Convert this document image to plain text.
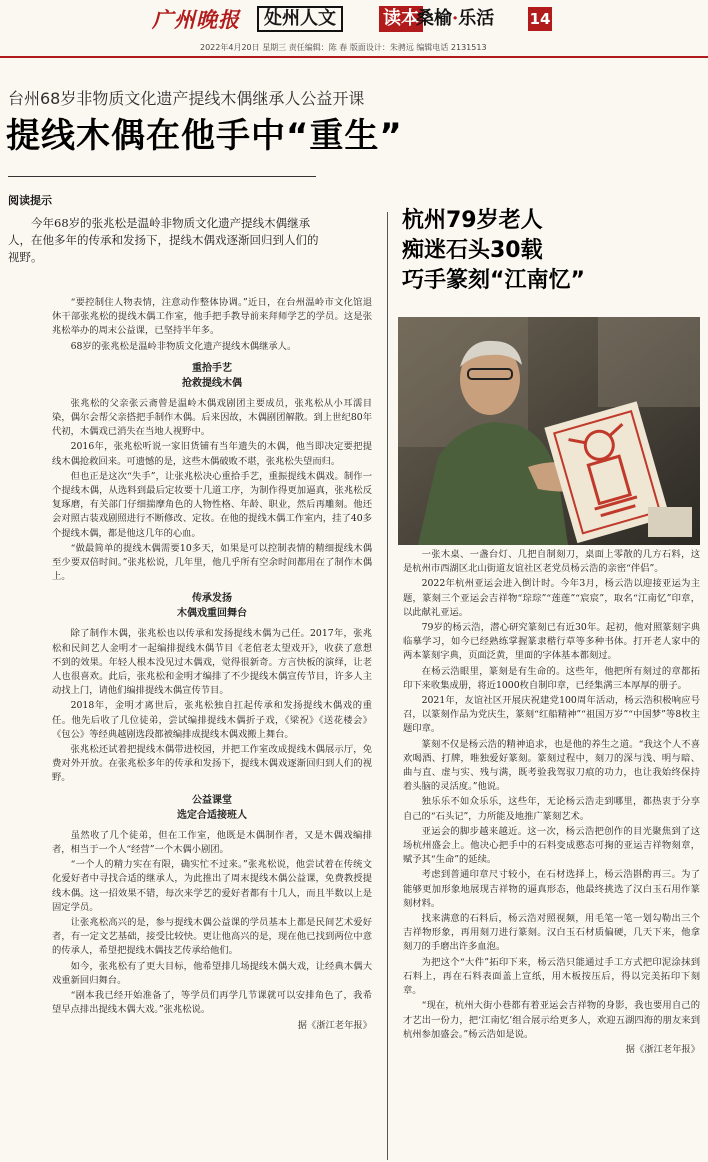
广州晚报	处州人文	读本
桑榆·乐活 14
2022年4月20日 星期三 责任编辑：陈 春 版面设计：朱骋远 编辑电话 2131513
台州68岁非物质文化遗产提线木偶继承人公益开课
提线木偶在他手中“重生”
阅读提示
今年68岁的张兆松是温岭非物质文化遗产提线木偶继承人，在他多年的传承和发扬下，提线木偶戏逐渐回归到人们的视野。

“要控制住人物表情，注意动作整体协调。”近日，在台州温岭市文化馆退休干部张兆松的提线木偶工作室，他手把手教导前来拜师学艺的学员。这是张兆松举办的周末公益课，已坚持半年多。

68岁的张兆松是温岭非物质文化遗产提线木偶继承人。

重拾手艺
抢救提线木偶

张兆松的父亲张云斋曾是温岭木偶戏剧团主要成员，张兆松从小耳濡目染，偶尔会帮父亲搭把手制作木偶。后来因故，木偶剧团解散。到上世纪80年代初，木偶戏已消失在当地人视野中。

2016年，张兆松听说一家旧货铺有当年遗失的木偶，他当即决定要把提线木偶抢救回来。可遗憾的是，这些木偶破败不堪，张兆松失望而归。

但也正是这次“失手”，让张兆松决心重拾手艺，重振提线木偶戏。制作一个提线木偶，从选料到最后定妆要十几道工序，为制作得更加逼真，张兆松反复琢磨，有关部门仔细揣摩角色的人物性格、年龄、职业，然后再雕刻。他还会对照古装戏剧照进行不断修改、定妆。在他的提线木偶工作室内，挂了40多个提线木偶，都是他这几年的心血。

“做最简单的提线木偶需要10多天，如果是可以控制表情的精细提线木偶至少要双倍时间。”张兆松说，几年里，他几乎所有空余时间都用在了制作木偶上。

传承发扬
木偶戏重回舞台

除了制作木偶，张兆松也以传承和发扬提线木偶为己任。2017年，张兆松和民间艺人金明才一起编排提线木偶节目《老倌老太望戏开》，收获了意想不到的效果。年轻人根本没见过木偶戏，觉得很新奇。方言快板的演绎，让老人也很喜欢。此后，张兆松和金明才编排了不少提线木偶宣传节目，许多人主动找上门，请他们编排提线木偶宣传节目。

2018年，金明才离世后，张兆松独自扛起传承和发扬提线木偶戏的重任。他先后收了几位徒弟，尝试编排提线木偶折子戏，《梁祝》《送花楼会》《包公》等经典越剧选段都被编排成提线木偶戏搬上舞台。

张兆松还试着把提线木偶带进校园，并把工作室改成提线木偶展示厅，免费对外开放。在张兆松多年的传承和发扬下，提线木偶戏逐渐回归到人们的视野。

公益课堂
选定合适接班人

虽然收了几个徒弟，但在工作室，他既是木偶制作者，又是木偶戏编排者，相当于一个人“经营”一个木偶小剧团。

“一个人的精力实在有限，确实忙不过来。”张兆松说，他尝试着在传统文化爱好者中寻找合适的继承人，为此推出了周末提线木偶公益课，免费教授提线木偶。这一招效果不错，每次来学艺的爱好者都有十几人，而且半数以上是固定学员。

让张兆松高兴的是，参与提线木偶公益课的学员基本上都是民间艺术爱好者，有一定文艺基础，接受比较快。更让他高兴的是，现在他已找到两位中意的传承人，希望把提线木偶技艺传承给他们。

如今，张兆松有了更大目标，他希望排几场提线木偶大戏，让经典木偶大戏重新回归舞台。

“剧本我已经开始准备了，等学员们再学几节课就可以安排角色了，我希望早点排出提线木偶大戏。”张兆松说。

据《浙江老年报》

杭州79岁老人
痴迷石头30载
巧手篆刻“江南忆”

一张木桌、一盏台灯、几把自制刻刀，桌面上零散的几方石料，这是杭州市西湖区北山街道友谊社区老党员杨云浩的亲密“伴侣”。

2022年杭州亚运会进入倒计时。今年3月，杨云浩以迎接亚运为主题，篆刻三个亚运会吉祥物“琮琮”“莲莲”“宸宸”，取名“江南忆”印章，以此献礼亚运。

79岁的杨云浩，潜心研究篆刻已有近30年。起初，他对照篆刻字典临摹学习，如今已经熟练掌握篆隶楷行草等多种书体。打开老人家中的两本篆刻字典，页面泛黄，里面的字体基本都刻过。

在杨云浩眼里，篆刻是有生命的。这些年，他把所有刻过的章都拓印下来收集成册，将近1000枚自制印章，已经集满三本厚厚的册子。

2021年，友谊社区开展庆祝建党100周年活动，杨云浩积极响应号召，以篆刻作品为党庆生，篆刻“红船精神”“祖国万岁”“中国梦”等8枚主题印章。

篆刻不仅是杨云浩的精神追求，也是他的养生之道。“我这个人不喜欢喝酒、打牌，唯独爱好篆刻。篆刻过程中，刻刀的深与浅、明与暗、曲与直、虚与实、残与满，既考验我驾驭刀痕的功力，也让我始终保持着头脑的灵活度。”他说。

独乐乐不如众乐乐，这些年，无论杨云浩走到哪里，都热衷于分享自己的“石头记”，力所能及地推广篆刻艺术。

亚运会的脚步越来越近。这一次，杨云浩把创作的目光聚焦到了这场杭州盛会上。他决心把手中的石料变成憨态可掬的亚运吉祥物刻章，赋予其“生命”的延续。

考虑到普通印章尺寸较小，在石材选择上，杨云浩斟酌再三。为了能够更加形象地展现吉祥物的逼真形态，他最终挑选了汉白玉石用作篆刻材料。

找来满意的石料后，杨云浩对照视频，用毛笔一笔一划勾勒出三个吉祥物形象，再用刻刀进行篆刻。汉白玉石材质偏硬，几天下来，他拿刻刀的手磨出许多血泡。

为把这个“大件”拓印下来，杨云浩只能通过手工方式把印泥涂抹到石料上，再在石料表面盖上宣纸，用木板按压后，得以完美拓印下刻章。

“现在，杭州大街小巷都有着亚运会吉祥物的身影，我也要用自己的才艺出一份力，把‘江南忆’组合展示给更多人，欢迎五湖四海的朋友来到杭州参加盛会。”杨云浩如是说。

据《浙江老年报》
